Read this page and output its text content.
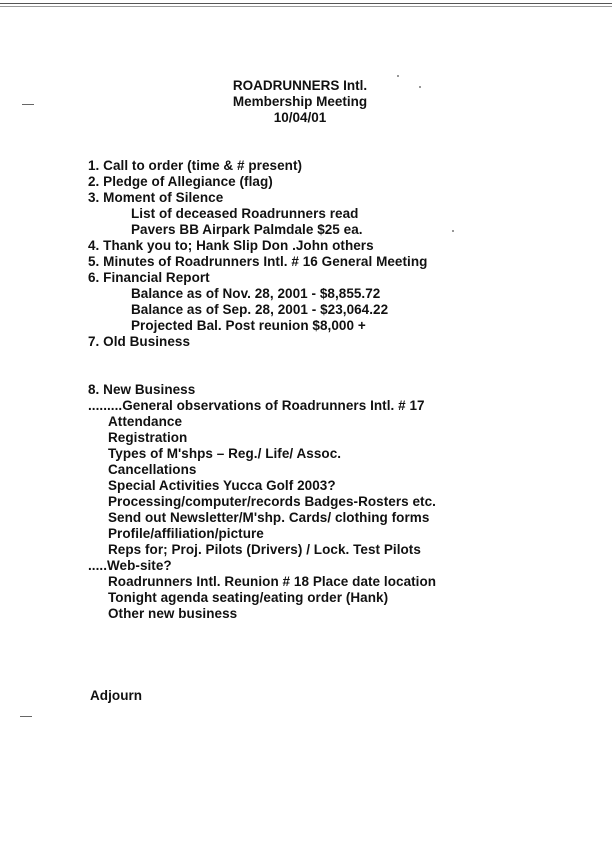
ROADRUNNERS Intl.
Membership Meeting
10/04/01
1. Call to order (time & # present)
2. Pledge of Allegiance (flag)
3. Moment of Silence
List of deceased Roadrunners read
Pavers BB Airpark Palmdale $25 ea.
4. Thank you to; Hank Slip Don .John others
5. Minutes of Roadrunners Intl. # 16 General Meeting
6. Financial Report
Balance as of Nov. 28, 2001 - $8,855.72
Balance as of Sep. 28, 2001 - $23,064.22
Projected Bal. Post reunion $8,000 +
7. Old Business
8. New Business
.........General observations of Roadrunners Intl. # 17
Attendance
Registration
Types of M'shps – Reg./ Life/ Assoc.
Cancellations
Special Activities Yucca Golf 2003?
Processing/computer/records Badges-Rosters etc.
Send out Newsletter/M'shp. Cards/ clothing forms
Profile/affiliation/picture
Reps for; Proj. Pilots (Drivers) / Lock. Test Pilots
.....Web-site?
Roadrunners Intl. Reunion # 18 Place date location
Tonight agenda seating/eating order (Hank)
Other new business
Adjourn
